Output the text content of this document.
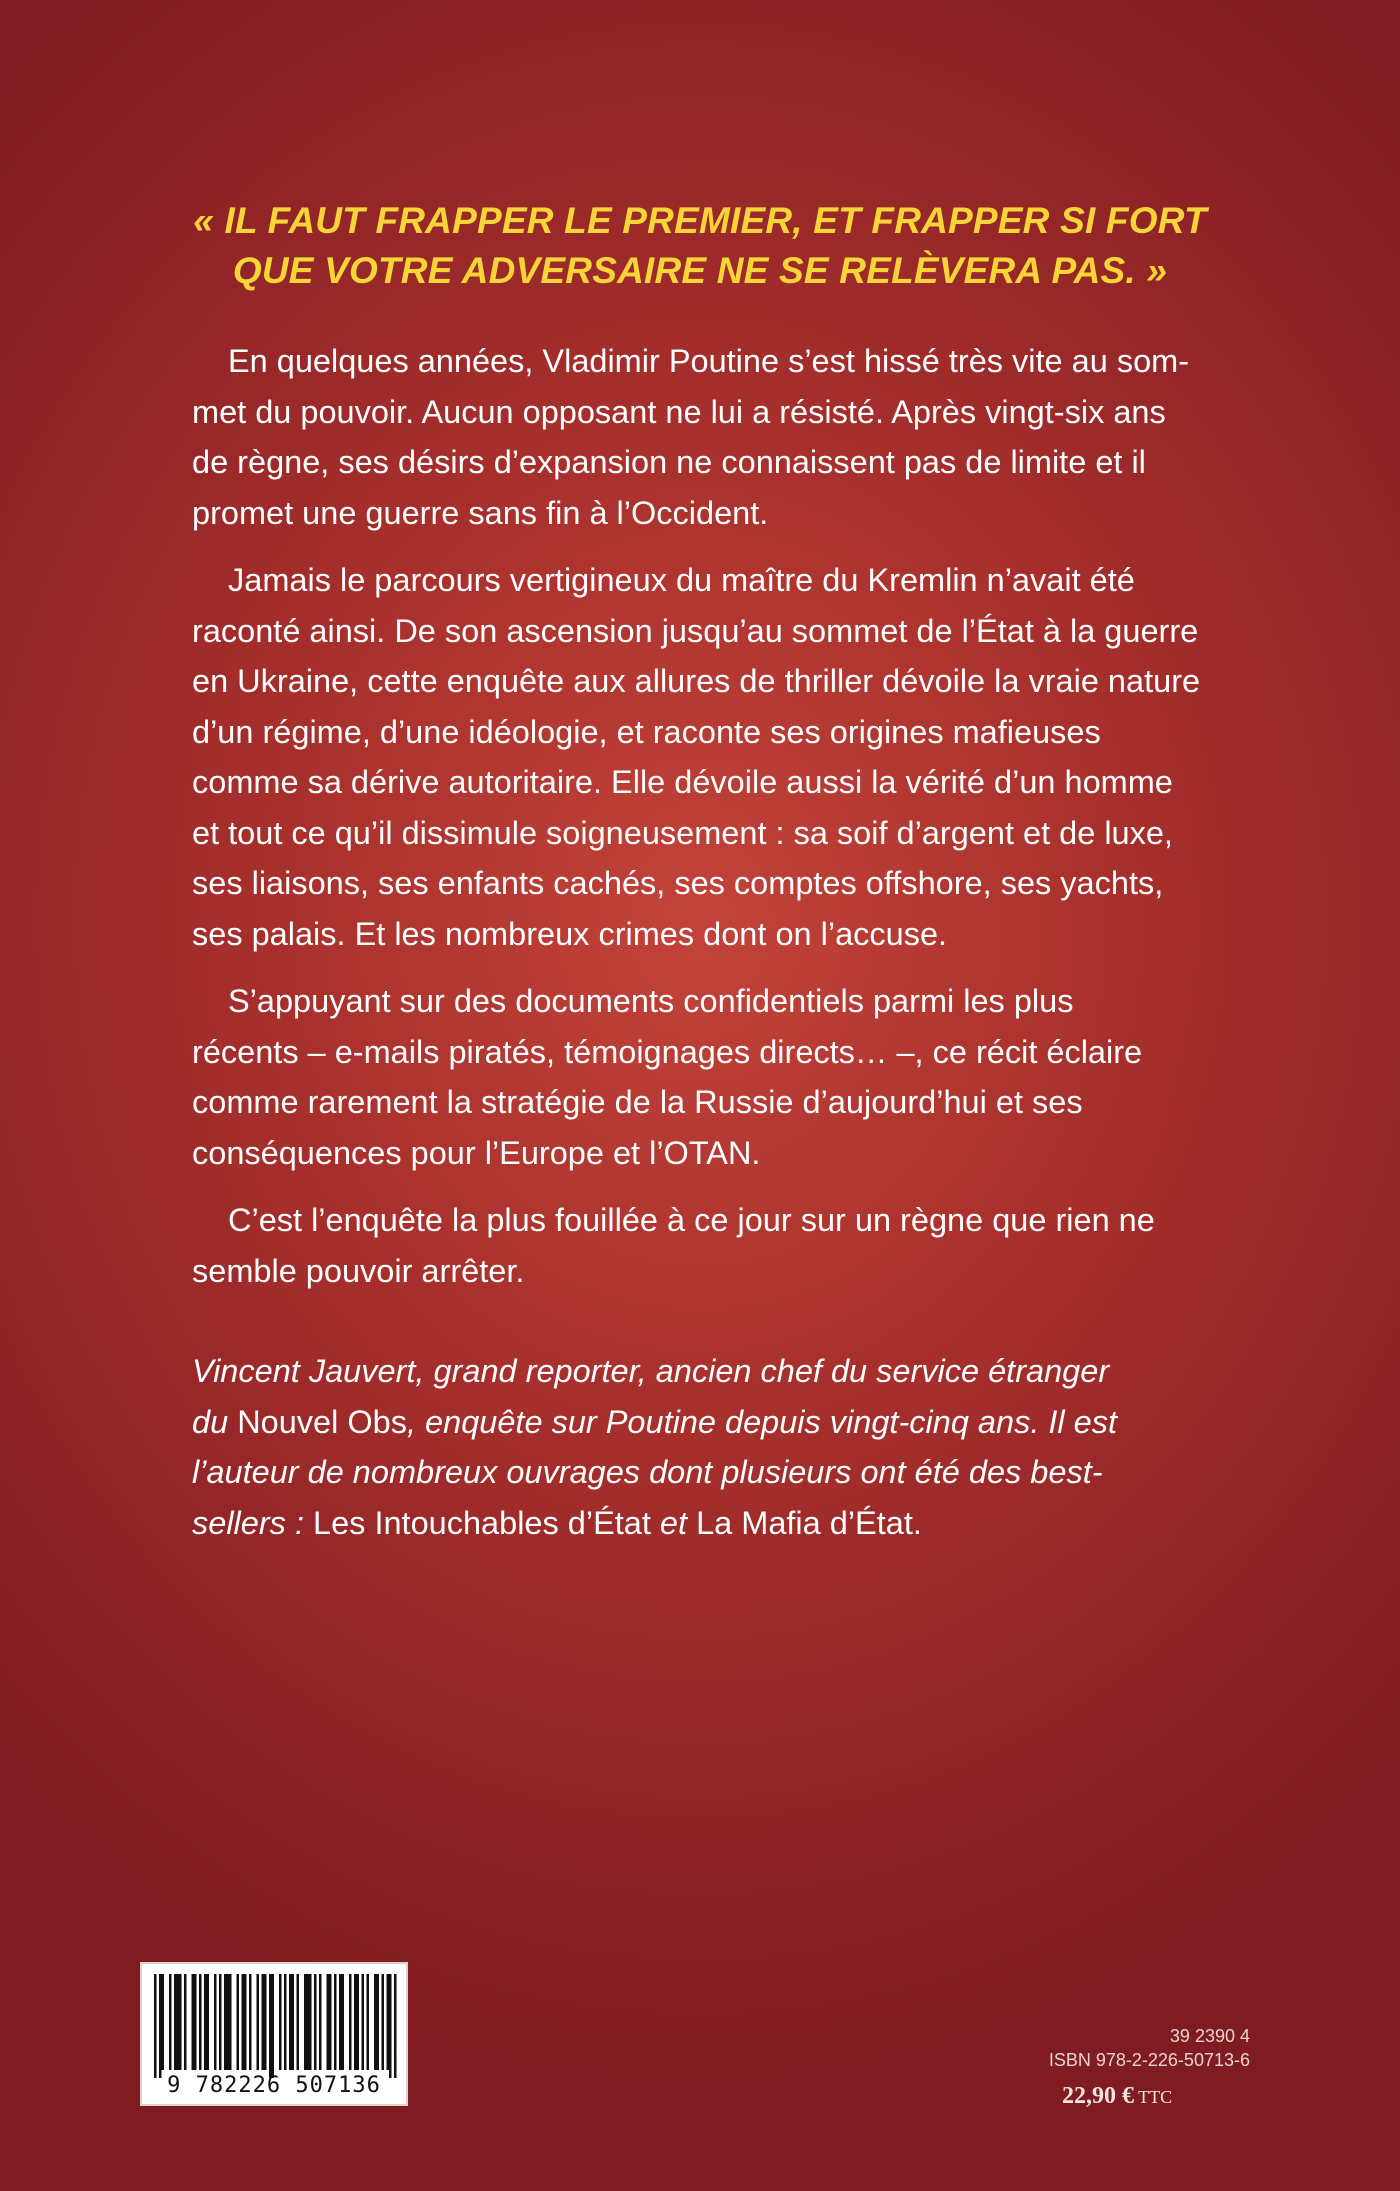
« IL FAUT FRAPPER LE PREMIER, ET FRAPPER SI FORT
QUE VOTRE ADVERSAIRE NE SE RELÈVERA PAS. »

En quelques années, Vladimir Poutine s’est hissé très vite au som-
met du pouvoir. Aucun opposant ne lui a résisté. Après vingt-six ans
de règne, ses désirs d’expansion ne connaissent pas de limite et il
promet une guerre sans fin à l’Occident.

Jamais le parcours vertigineux du maître du Kremlin n’avait été
raconté ainsi. De son ascension jusqu’au sommet de l’État à la guerre
en Ukraine, cette enquête aux allures de thriller dévoile la vraie nature
d’un régime, d’une idéologie, et raconte ses origines mafieuses
comme sa dérive autoritaire. Elle dévoile aussi la vérité d’un homme
et tout ce qu’il dissimule soigneusement : sa soif d’argent et de luxe,
ses liaisons, ses enfants cachés, ses comptes offshore, ses yachts,
ses palais. Et les nombreux crimes dont on l’accuse.

S’appuyant sur des documents confidentiels parmi les plus
récents – e-mails piratés, témoignages directs… –, ce récit éclaire
comme rarement la stratégie de la Russie d’aujourd’hui et ses
conséquences pour l’Europe et l’OTAN.

C’est l’enquête la plus fouillée à ce jour sur un règne que rien ne
semble pouvoir arrêter.

Vincent Jauvert, grand reporter, ancien chef du service étranger
du Nouvel Obs, enquête sur Poutine depuis vingt-cinq ans. Il est
l’auteur de nombreux ouvrages dont plusieurs ont été des best-
sellers : Les Intouchables d’État et La Mafia d’État.
9 782226 507136
39 2390 4
ISBN 978-2-226-50713-6
22,90 € TTC
